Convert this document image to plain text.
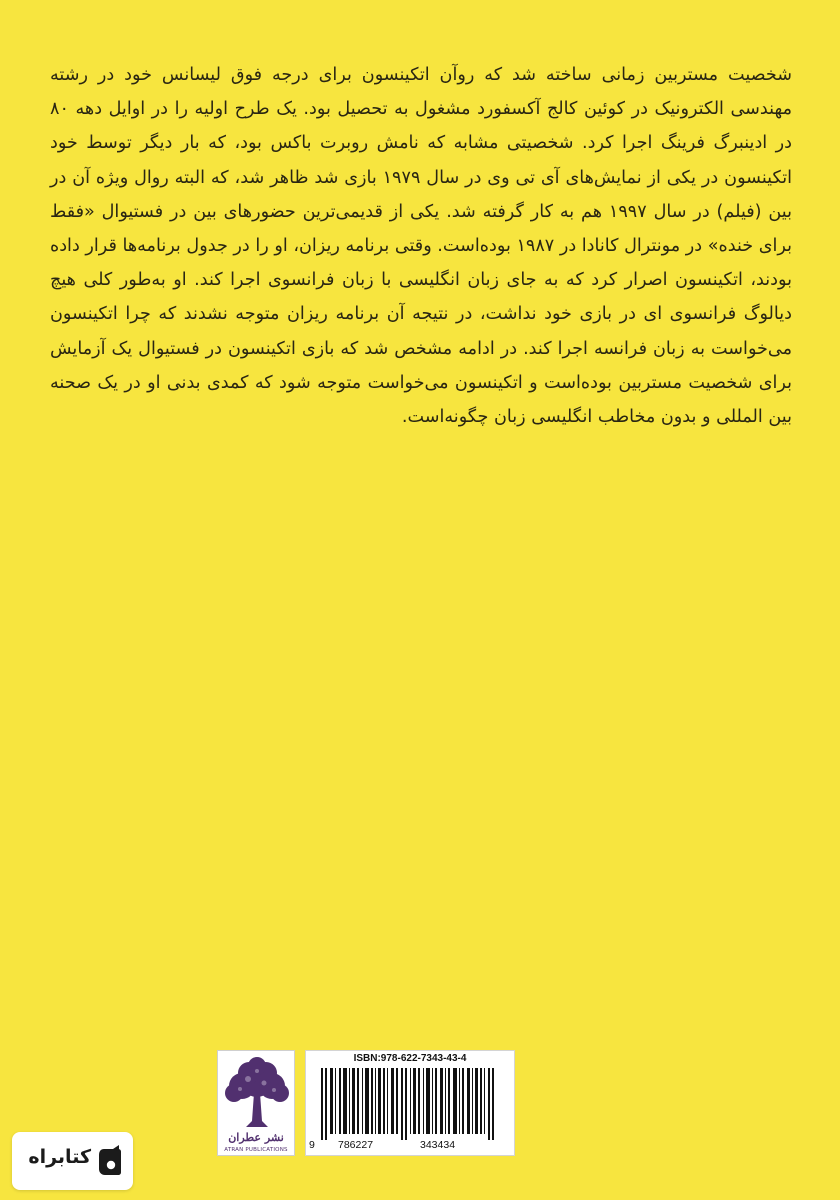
شخصیت مستربین زمانی ساخته شد که روآن اتکینسون برای درجه فوق لیسانس خود در رشته مهندسی الکترونیک در کوئین کالج آکسفورد مشغول به تحصیل بود. یک طرح اولیه را در اوایل دهه ۸۰ در ادینبرگ فرینگ اجرا کرد. شخصیتی مشابه که نامش روبرت باکس بود، که بار دیگر توسط خود اتکینسون در یکی از نمایش‌های آی تی وی در سال ۱۹۷۹ بازی شد ظاهر شد، که البته روال ویژه آن در بین (فیلم) در سال ۱۹۹۷ هم به کار گرفته شد. یکی از قدیمی‌ترین حضورهای بین در فستیوال «فقط برای خنده» در مونترال کانادا در ۱۹۸۷ بوده‌است. وقتی برنامه ریزان، او را در جدول برنامه‌ها قرار داده بودند، اتکینسون اصرار کرد که به جای زبان انگلیسی با زبان فرانسوی اجرا کند. او به‌طور کلی هیچ دیالوگ فرانسوی ای در بازی خود نداشت، در نتیجه آن برنامه ریزان متوجه نشدند که چرا اتکینسون می‌خواست به زبان فرانسه اجرا کند. در ادامه مشخص شد که بازی اتکینسون در فستیوال یک آزمایش برای شخصیت مستربین بوده‌است و اتکینسون می‌خواست متوجه شود که کمدی بدنی او در یک صحنه بین المللی و بدون مخاطب انگلیسی زبان چگونه‌است.

نشر عطران
ATRAN PUBLICATIONS
ISBN:978-622-7343-43-4
9 786227	343434
کتابراه
